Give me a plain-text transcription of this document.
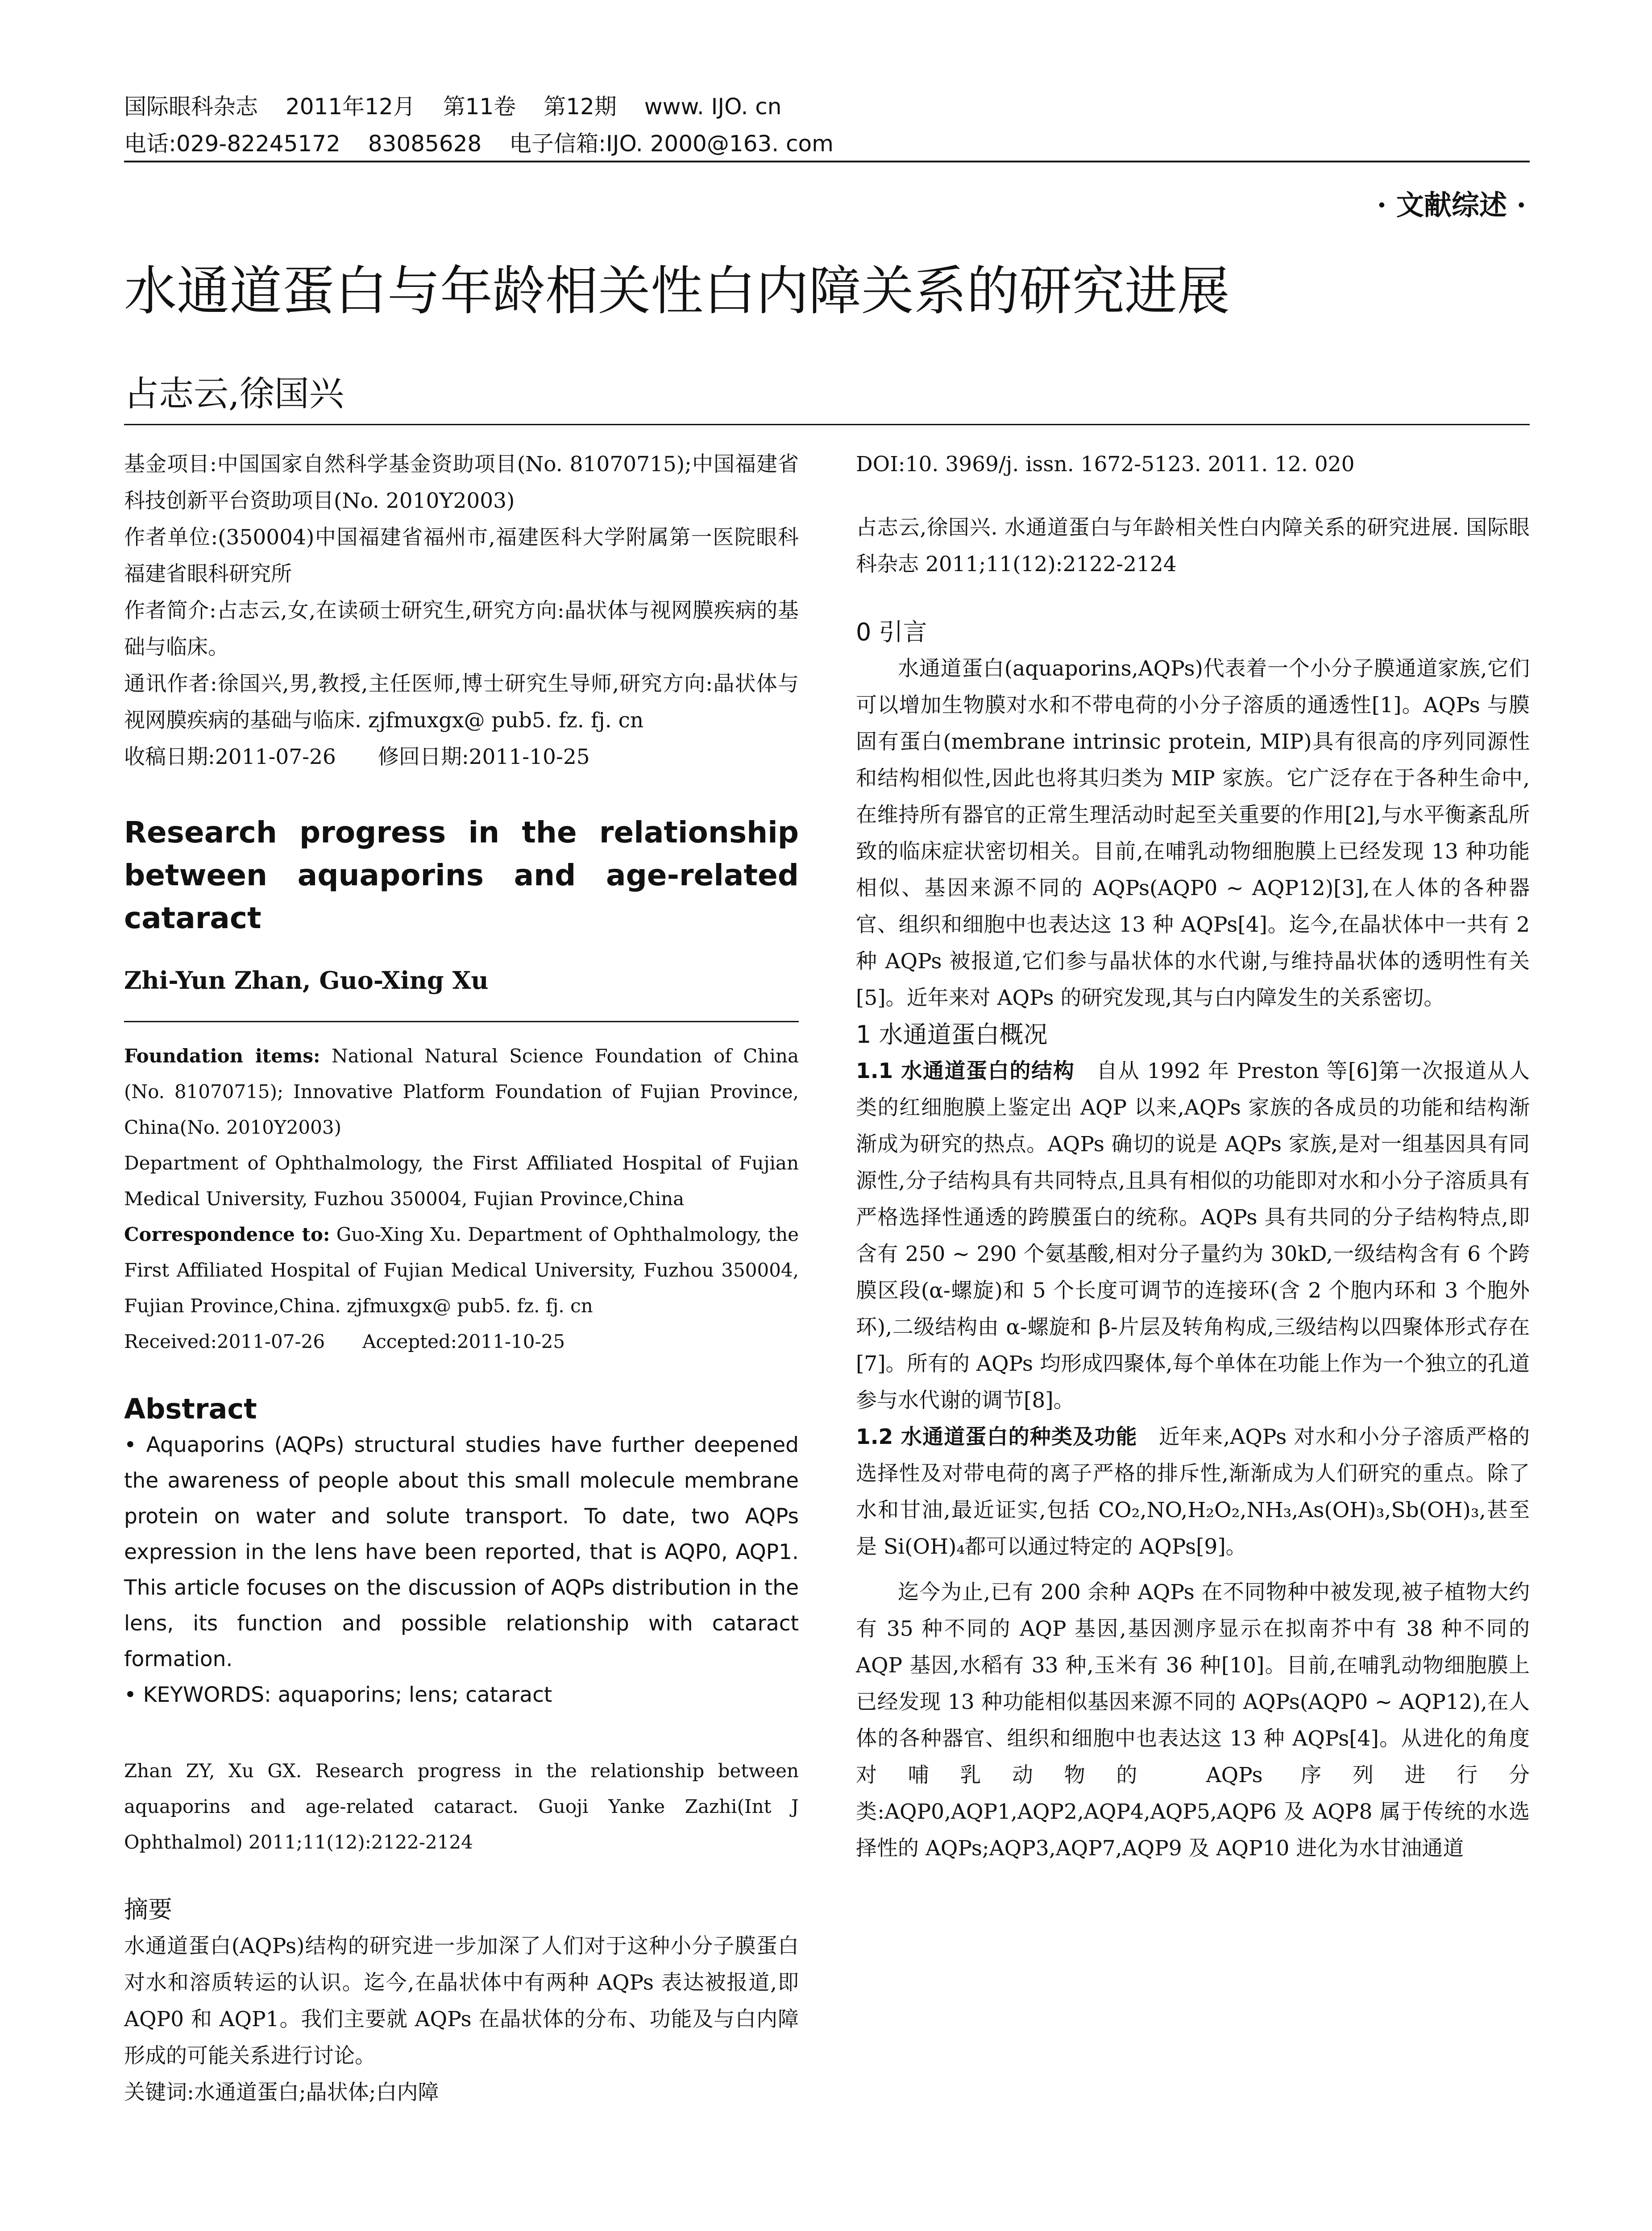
国际眼科杂志 2011年12月 第11卷 第12期 www. IJO. cn
电话:029-82245172 83085628 电子信箱:IJO. 2000@163. com
· 文献综述 ·
水通道蛋白与年龄相关性白内障关系的研究进展
占志云,徐国兴

基金项目:中国国家自然科学基金资助项目(No. 81070715);中国福建省科技创新平台资助项目(No. 2010Y2003)

作者单位:(350004)中国福建省福州市,福建医科大学附属第一医院眼科 福建省眼科研究所

作者简介:占志云,女,在读硕士研究生,研究方向:晶状体与视网膜疾病的基础与临床。

通讯作者:徐国兴,男,教授,主任医师,博士研究生导师,研究方向:晶状体与视网膜疾病的基础与临床. zjfmuxgx@ pub5. fz. fj. cn

收稿日期:2011-07-26　　修回日期:2011-10-25

Research progress in the relationship between aquaporins and age-related cataract
Zhi-Yun Zhan, Guo-Xing Xu

Foundation items: National Natural Science Foundation of China (No. 81070715); Innovative Platform Foundation of Fujian Province, China(No. 2010Y2003)

Department of Ophthalmology, the First Affiliated Hospital of Fujian Medical University, Fuzhou 350004, Fujian Province,China

Correspondence to: Guo-Xing Xu. Department of Ophthalmology, the First Affiliated Hospital of Fujian Medical University, Fuzhou 350004, Fujian Province,China. zjfmuxgx@ pub5. fz. fj. cn

Received:2011-07-26　　Accepted:2011-10-25

Abstract
• Aquaporins (AQPs) structural studies have further deepened the awareness of people about this small molecule membrane protein on water and solute transport. To date, two AQPs expression in the lens have been reported, that is AQP0, AQP1. This article focuses on the discussion of AQPs distribution in the lens, its function and possible relationship with cataract formation.
• KEYWORDS: aquaporins; lens; cataract
Zhan ZY, Xu GX. Research progress in the relationship between aquaporins and age-related cataract. Guoji Yanke Zazhi(Int J Ophthalmol) 2011;11(12):2122-2124
摘要

水通道蛋白(AQPs)结构的研究进一步加深了人们对于这种小分子膜蛋白对水和溶质转运的认识。迄今,在晶状体中有两种 AQPs 表达被报道,即 AQP0 和 AQP1。我们主要就 AQPs 在晶状体的分布、功能及与白内障形成的可能关系进行讨论。

关键词:水通道蛋白;晶状体;白内障

DOI:10. 3969/j. issn. 1672-5123. 2011. 12. 020

占志云,徐国兴. 水通道蛋白与年龄相关性白内障关系的研究进展. 国际眼科杂志 2011;11(12):2122-2124

0 引言

水通道蛋白(aquaporins,AQPs)代表着一个小分子膜通道家族,它们可以增加生物膜对水和不带电荷的小分子溶质的通透性[1]。AQPs 与膜固有蛋白(membrane intrinsic protein, MIP)具有很高的序列同源性和结构相似性,因此也将其归类为 MIP 家族。它广泛存在于各种生命中,在维持所有器官的正常生理活动时起至关重要的作用[2],与水平衡紊乱所致的临床症状密切相关。目前,在哺乳动物细胞膜上已经发现 13 种功能相似、基因来源不同的 AQPs(AQP0 ~ AQP12)[3],在人体的各种器官、组织和细胞中也表达这 13 种 AQPs[4]。迄今,在晶状体中一共有 2 种 AQPs 被报道,它们参与晶状体的水代谢,与维持晶状体的透明性有关[5]。近年来对 AQPs 的研究发现,其与白内障发生的关系密切。

1 水通道蛋白概况

1.1 水通道蛋白的结构　自从 1992 年 Preston 等[6]第一次报道从人类的红细胞膜上鉴定出 AQP 以来,AQPs 家族的各成员的功能和结构渐渐成为研究的热点。AQPs 确切的说是 AQPs 家族,是对一组基因具有同源性,分子结构具有共同特点,且具有相似的功能即对水和小分子溶质具有严格选择性通透的跨膜蛋白的统称。AQPs 具有共同的分子结构特点,即含有 250 ~ 290 个氨基酸,相对分子量约为 30kD,一级结构含有 6 个跨膜区段(α-螺旋)和 5 个长度可调节的连接环(含 2 个胞内环和 3 个胞外环),二级结构由 α-螺旋和 β-片层及转角构成,三级结构以四聚体形式存在[7]。所有的 AQPs 均形成四聚体,每个单体在功能上作为一个独立的孔道参与水代谢的调节[8]。

1.2 水通道蛋白的种类及功能　近年来,AQPs 对水和小分子溶质严格的选择性及对带电荷的离子严格的排斥性,渐渐成为人们研究的重点。除了水和甘油,最近证实,包括 CO₂,NO,H₂O₂,NH₃,As(OH)₃,Sb(OH)₃,甚至是 Si(OH)₄都可以通过特定的 AQPs[9]。

迄今为止,已有 200 余种 AQPs 在不同物种中被发现,被子植物大约有 35 种不同的 AQP 基因,基因测序显示在拟南芥中有 38 种不同的 AQP 基因,水稻有 33 种,玉米有 36 种[10]。目前,在哺乳动物细胞膜上已经发现 13 种功能相似基因来源不同的 AQPs(AQP0 ~ AQP12),在人体的各种器官、组织和细胞中也表达这 13 种 AQPs[4]。从进化的角度对哺乳动物的 AQPs 序列进行分类:AQP0,AQP1,AQP2,AQP4,AQP5,AQP6 及 AQP8 属于传统的水选择性的 AQPs;AQP3,AQP7,AQP9 及 AQP10 进化为水甘油通道
